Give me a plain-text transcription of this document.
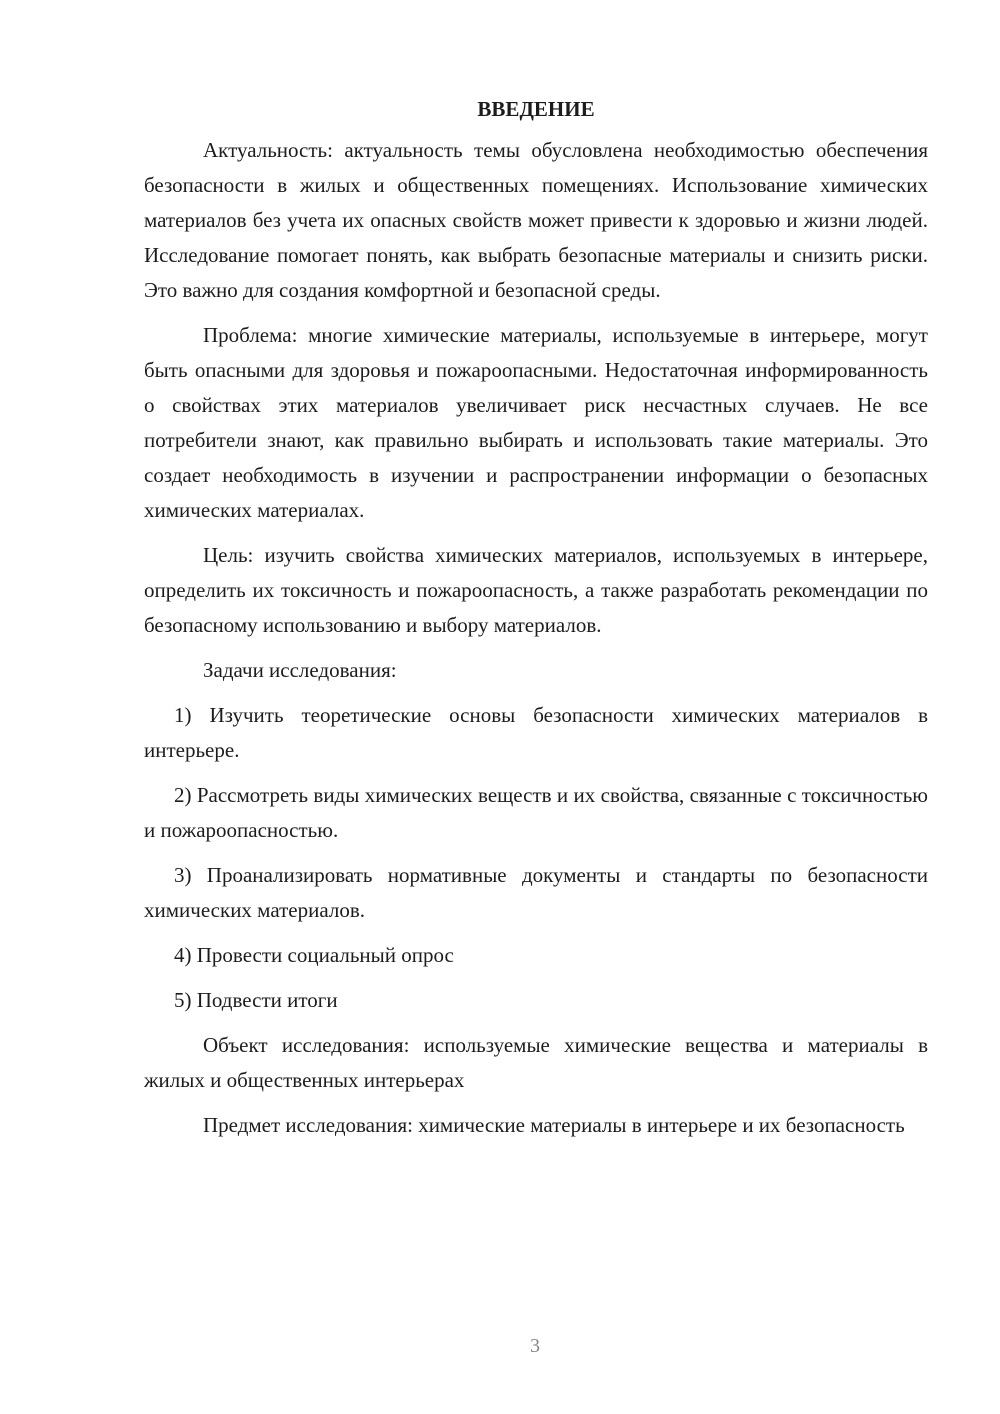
ВВЕДЕНИЕ

Актуальность: актуальность темы обусловлена необходимостью обеспечения безопасности в жилых и общественных помещениях. Использование химических материалов без учета их опасных свойств может привести к здоровью и жизни людей. Исследование помогает понять, как выбрать безопасные материалы и снизить риски. Это важно для создания комфортной и безопасной среды.

Проблема: многие химические материалы, используемые в интерьере, могут быть опасными для здоровья и пожароопасными. Недостаточная информированность о свойствах этих материалов увеличивает риск несчастных случаев. Не все потребители знают, как правильно выбирать и использовать такие материалы. Это создает необходимость в изучении и распространении информации о безопасных химических материалах.

Цель: изучить свойства химических материалов, используемых в интерьере, определить их токсичность и пожароопасность, а также разработать рекомендации по безопасному использованию и выбору материалов.

Задачи исследования:

1) Изучить теоретические основы безопасности химических материалов в интерьере.

2) Рассмотреть виды химических веществ и их свойства, связанные с токсичностью и пожароопасностью.

3) Проанализировать нормативные документы и стандарты по безопасности химических материалов.

4) Провести социальный опрос

5) Подвести итоги

Объект исследования: используемые химические вещества и материалы в жилых и общественных интерьерах

Предмет исследования: химические материалы в интерьере и их безопасность

3
